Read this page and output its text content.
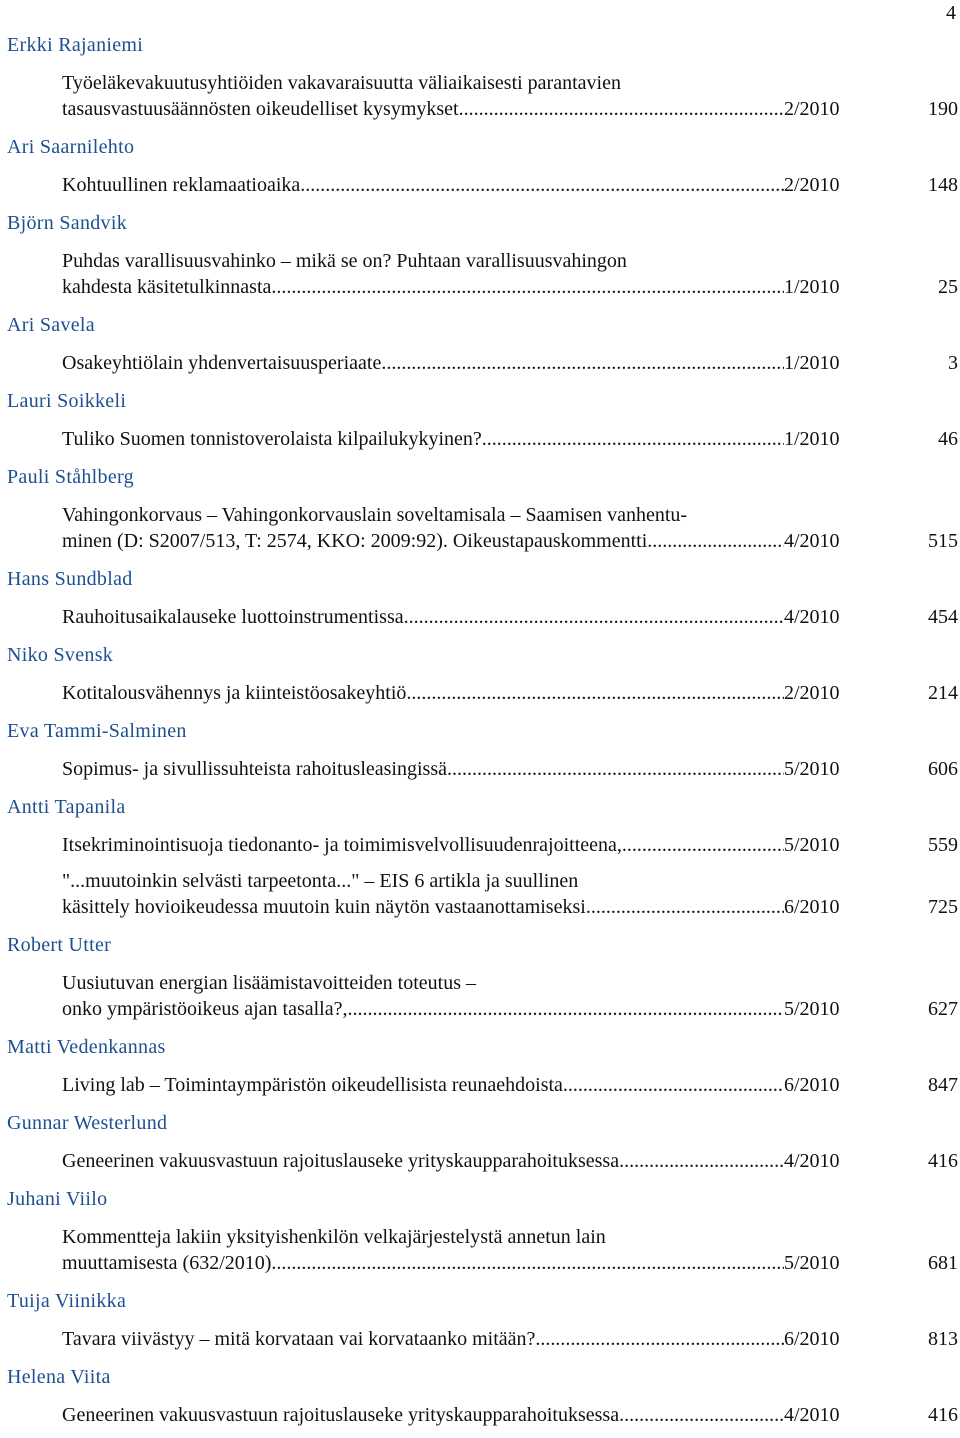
4
Erkki Rajaniemi
Työeläkevakuutusyhtiöiden vakavaraisuutta väliaikaisesti parantavien
tasausvastuusäännösten oikeudelliset kysymykset .....	2/2010	190
Ari Saarnilehto
Kohtuullinen reklamaatioaika .....	2/2010	148
Björn Sandvik
Puhdas varallisuusvahinko – mikä se on? Puhtaan varallisuusvahingon
kahdesta käsitetulkinnasta .....	1/2010	25
Ari Savela
Osakeyhtiölain yhdenvertaisuusperiaate .....	1/2010	3
Lauri Soikkeli
Tuliko Suomen tonnistoverolaista kilpailukykyinen? .....	1/2010	46
Pauli Ståhlberg
Vahingonkorvaus – Vahingonkorvauslain soveltamisala – Saamisen vanhentu-
minen (D: S2007/513, T: 2574, KKO: 2009:92). Oikeustapauskommentti .....	4/2010	515
Hans Sundblad
Rauhoitusaikalauseke luottoinstrumentissa .....	4/2010	454
Niko Svensk
Kotitalousvähennys ja kiinteistöosakeyhtiö .....	2/2010	214
Eva Tammi-Salminen
Sopimus- ja sivullissuhteista rahoitusleasingissä .....	5/2010	606
Antti Tapanila
Itsekriminointisuoja tiedonanto- ja toimimisvelvollisuudenrajoitteena, .....	5/2010	559
"...muutoinkin selvästi tarpeetonta..." – EIS 6 artikla ja suullinen
käsittely hovioikeudessa muutoin kuin näytön vastaanottamiseksi .....	6/2010	725
Robert Utter
Uusiutuvan energian lisäämistavoitteiden toteutus –
onko ympäristöoikeus ajan tasalla?, .....	5/2010	627
Matti Vedenkannas
Living lab – Toimintaympäristön oikeudellisista reunaehdoista .....	6/2010	847
Gunnar Westerlund
Geneerinen vakuusvastuun rajoituslauseke yrityskaupparahoituksessa .....	4/2010	416
Juhani Viilo
Kommentteja lakiin yksityishenkilön velkajärjestelystä annetun lain
muuttamisesta (632/2010) .....	5/2010	681
Tuija Viinikka
Tavara viivästyy – mitä korvataan vai korvataanko mitään? .....	6/2010	813
Helena Viita
Geneerinen vakuusvastuun rajoituslauseke yrityskaupparahoituksessa .....	4/2010	416
